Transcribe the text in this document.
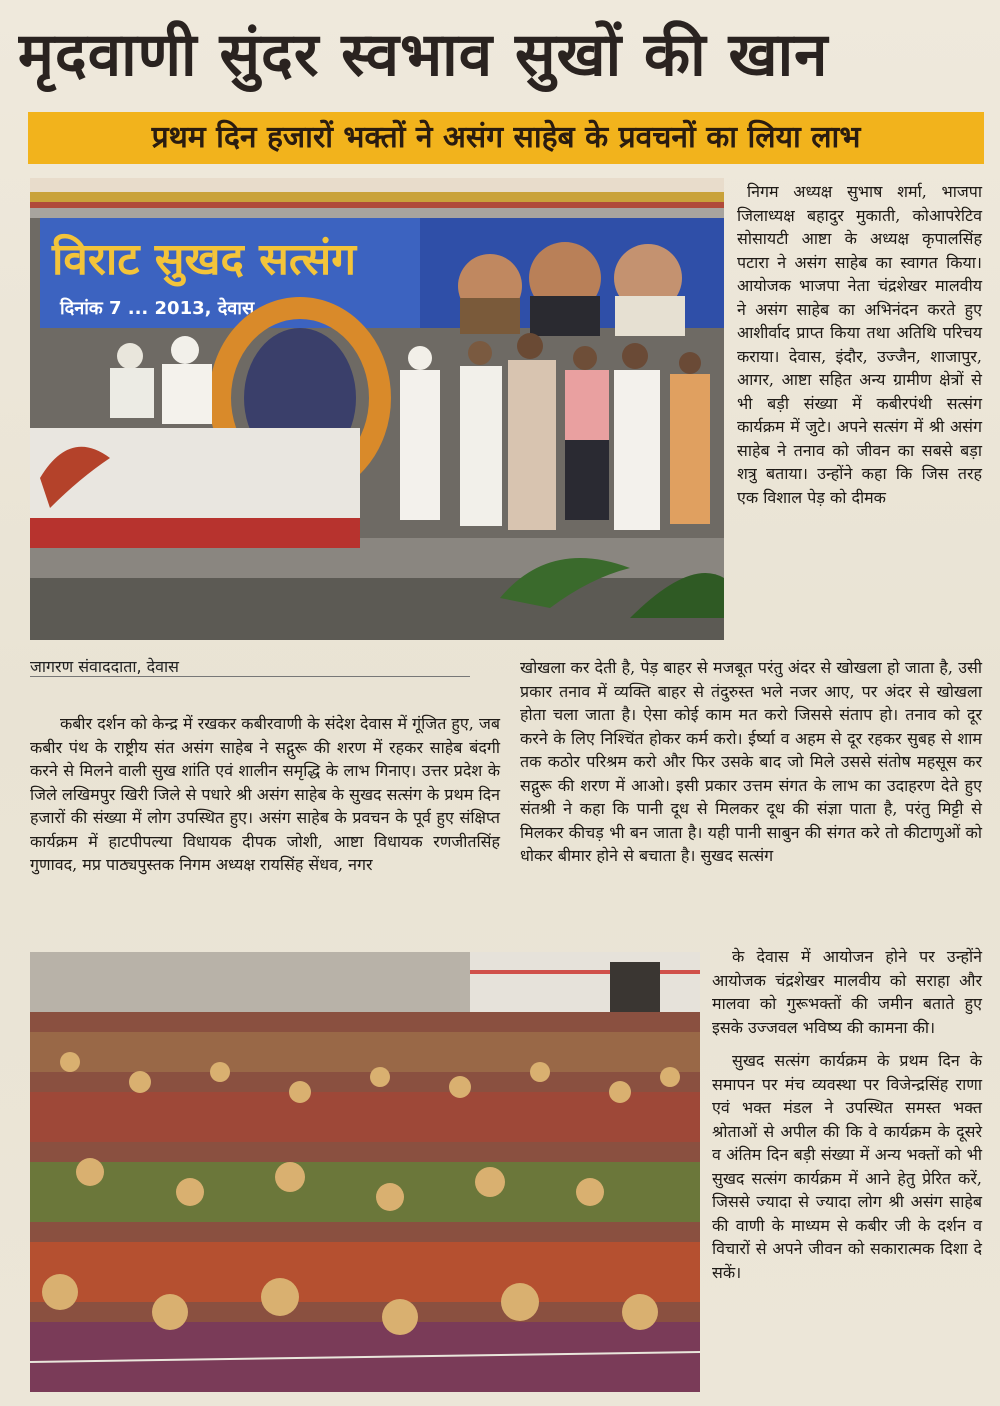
मृदवाणी सुंदर स्वभाव सुखों की खान
प्रथम दिन हजारों भक्तों ने असंग साहेब के प्रवचनों का लिया लाभ
विराट सुखद सत्संग
दिनांक 7 ... 2013, देवास
जागरण संवाददाता, देवास

निगम अध्यक्ष सुभाष शर्मा, भाजपा जिलाध्यक्ष बहादुर मुकाती, कोआपरेटिव सोसायटी आष्टा के अध्यक्ष कृपालसिंह पटारा ने असंग साहेब का स्वागत किया। आयोजक भाजपा नेता चंद्रशेखर मालवीय ने असंग साहेब का अभिनंदन करते हुए आशीर्वाद प्राप्त किया तथा अतिथि परिचय कराया। देवास, इंदौर, उज्जैन, शाजापुर, आगर, आष्टा सहित अन्य ग्रामीण क्षेत्रों से भी बड़ी संख्या में कबीरपंथी सत्संग कार्यक्रम में जुटे। अपने सत्संग में श्री असंग साहेब ने तनाव को जीवन का सबसे बड़ा शत्रु बताया। उन्होंने कहा कि जिस तरह एक विशाल पेड़ को दीमक

खोखला कर देती है, पेड़ बाहर से मजबूत परंतु अंदर से खोखला हो जाता है, उसी प्रकार तनाव में व्यक्ति बाहर से तंदुरुस्त भले नजर आए, पर अंदर से खोखला होता चला जाता है। ऐसा कोई काम मत करो जिससे संताप हो। तनाव को दूर करने के लिए निश्चिंत होकर कर्म करो। ईर्ष्या व अहम से दूर रहकर सुबह से शाम तक कठोर परिश्रम करो और फिर उसके बाद जो मिले उससे संतोष महसूस कर सद्गुरू की शरण में आओ। इसी प्रकार उत्तम संगत के लाभ का उदाहरण देते हुए संतश्री ने कहा कि पानी दूध से मिलकर दूध की संज्ञा पाता है, परंतु मिट्टी से मिलकर कीचड़ भी बन जाता है। यही पानी साबुन की संगत करे तो कीटाणुओं को धोकर बीमार होने से बचाता है। सुखद सत्संग

कबीर दर्शन को केन्द्र में रखकर कबीरवाणी के संदेश देवास में गूंजित हुए, जब कबीर पंथ के राष्ट्रीय संत असंग साहेब ने सद्गुरू की शरण में रहकर साहेब बंदगी करने से मिलने वाली सुख शांति एवं शालीन समृद्धि के लाभ गिनाए। उत्तर प्रदेश के जिले लखिमपुर खिरी जिले से पधारे श्री असंग साहेब के सुखद सत्संग के प्रथम दिन हजारों की संख्या में लोग उपस्थित हुए। असंग साहेब के प्रवचन के पूर्व हुए संक्षिप्त कार्यक्रम में हाटपीपल्या विधायक दीपक जोशी, आष्टा विधायक रणजीतसिंह गुणावद, मप्र पाठ्यपुस्तक निगम अध्यक्ष रायसिंह सेंधव, नगर

के देवास में आयोजन होने पर उन्होंने आयोजक चंद्रशेखर मालवीय को सराहा और मालवा को गुरूभक्तों की जमीन बताते हुए इसके उज्जवल भविष्य की कामना की।

सुखद सत्संग कार्यक्रम के प्रथम दिन के समापन पर मंच व्यवस्था पर विजेन्द्रसिंह राणा एवं भक्त मंडल ने उपस्थित समस्त भक्त श्रोताओं से अपील की कि वे कार्यक्रम के दूसरे व अंतिम दिन बड़ी संख्या में अन्य भक्तों को भी सुखद सत्संग कार्यक्रम में आने हेतु प्रेरित करें, जिससे ज्यादा से ज्यादा लोग श्री असंग साहेब की वाणी के माध्यम से कबीर जी के दर्शन व विचारों से अपने जीवन को सकारात्मक दिशा दे सकें।
